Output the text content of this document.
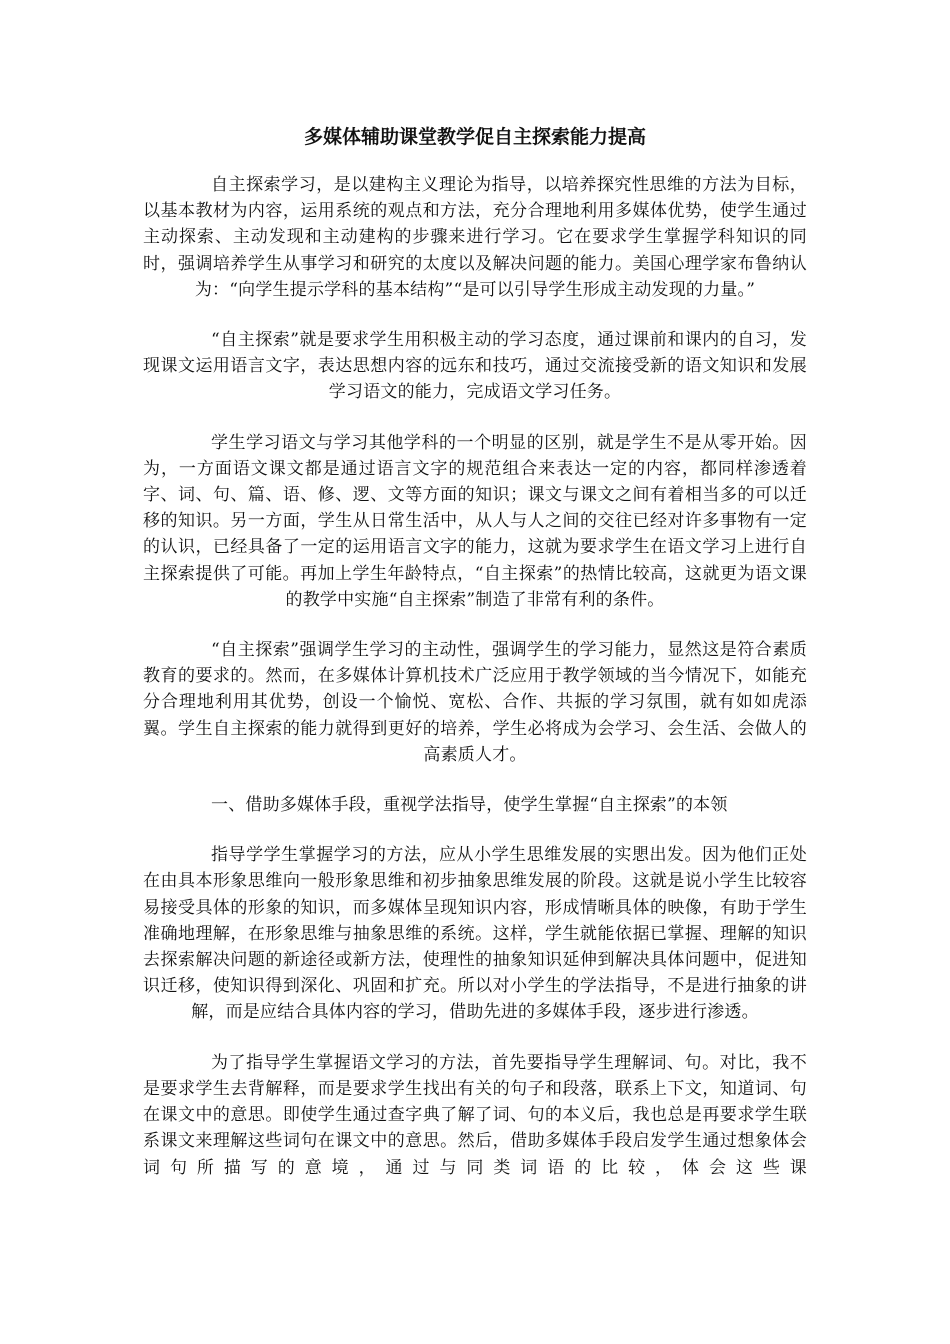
多媒体辅助课堂教学促自主探索能力提高

自主探索学习，是以建构主义理论为指导，以培养探究性思维的方法为目标，以基本教材为内容，运用系统的观点和方法，充分合理地利用多媒体优势，使学生通过主动探索、主动发现和主动建构的步骤来进行学习。它在要求学生掌握学科知识的同时，强调培养学生从事学习和研究的太度以及解决问题的能力。美国心理学家布鲁纳认为：“向学生提示学科的基本结构”“是可以引导学生形成主动发现的力量。”

“自主探索”就是要求学生用积极主动的学习态度，通过课前和课内的自习，发现课文运用语言文字，表达思想内容的远东和技巧，通过交流接受新的语文知识和发展学习语文的能力，完成语文学习任务。

学生学习语文与学习其他学科的一个明显的区别，就是学生不是从零开始。因为，一方面语文课文都是通过语言文字的规范组合来表达一定的内容，都同样渗透着字、词、句、篇、语、修、逻、文等方面的知识；课文与课文之间有着相当多的可以迁移的知识。另一方面，学生从日常生活中，从人与人之间的交往已经对许多事物有一定的认识，已经具备了一定的运用语言文字的能力，这就为要求学生在语文学习上进行自主探索提供了可能。再加上学生年龄特点，“自主探索”的热情比较高，这就更为语文课的教学中实施“自主探索”制造了非常有利的条件。

“自主探索”强调学生学习的主动性，强调学生的学习能力，显然这是符合素质教育的要求的。然而，在多媒体计算机技术广泛应用于教学领域的当今情况下，如能充分合理地利用其优势，创设一个愉悦、宽松、合作、共振的学习氛围，就有如如虎添翼。学生自主探索的能力就得到更好的培养，学生必将成为会学习、会生活、会做人的高素质人才。

一、借助多媒体手段，重视学法指导，使学生掌握“自主探索”的本领

指导学学生掌握学习的方法，应从小学生思维发展的实愳出发。因为他们正处在由具本形象思维向一般形象思维和初步抽象思维发展的阶段。这就是说小学生比较容易接受具体的形象的知识，而多媒体呈现知识内容，形成情晰具体的映像，有助于学生准确地理解，在形象思维与抽象思维的系统。这样，学生就能依据已掌握、理解的知识去探索解决问题的新途径或新方法，使理性的抽象知识延伸到解决具体问题中，促进知识迁移，使知识得到深化、巩固和扩充。所以对小学生的学法指导，不是进行抽象的讲解，而是应结合具体内容的学习，借助先进的多媒体手段，逐步进行渗透。

为了指导学生掌握语文学习的方法，首先要指导学生理解词、句。对比，我不是要求学生去背解释，而是要求学生找出有关的句子和段落，联系上下文，知道词、句在课文中的意思。即使学生通过查字典了解了词、句的本义后，我也总是再要求学生联系课文来理解这些词句在课文中的意思。然后，借助多媒体手段启发学生通过想象体会词句所描写的意境，通过与同类词语的比较，体会这些课
